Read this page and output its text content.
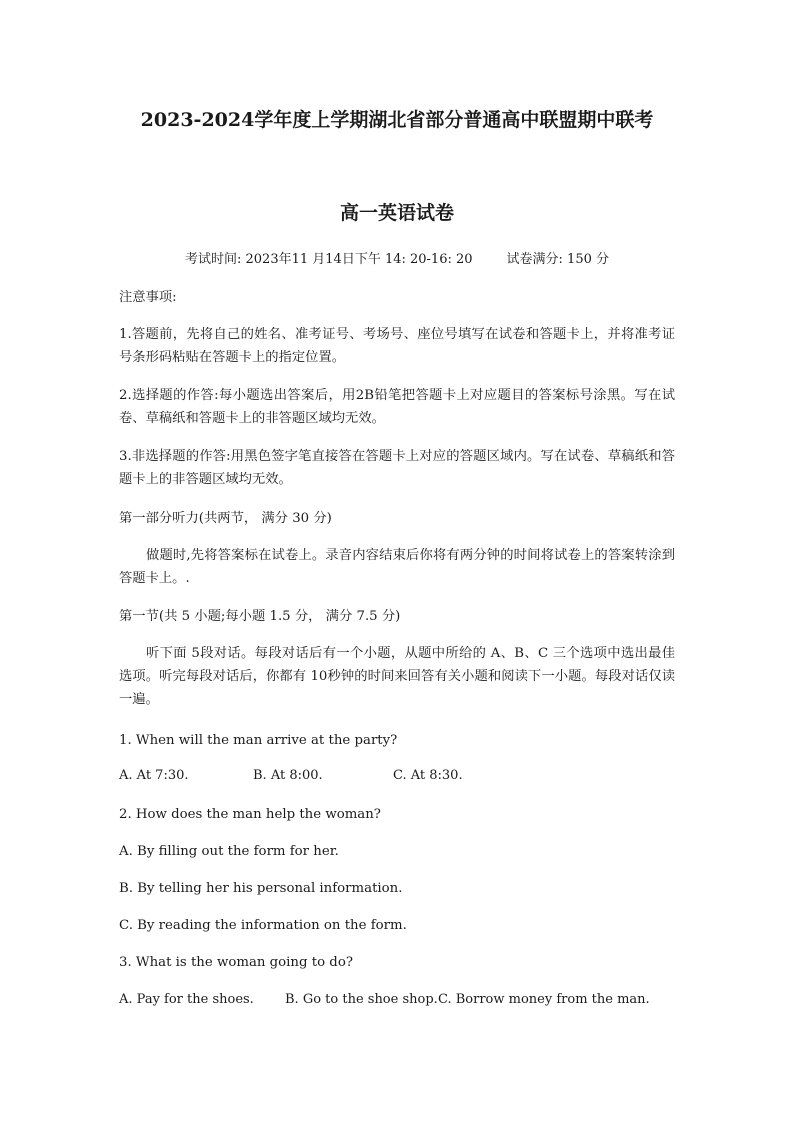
2023-2024学年度上学期湖北省部分普通高中联盟期中联考
高一英语试卷
考试时间: 2023年11 月14日下午 14: 20-16: 20	试卷满分: 150 分
注意事项:
1.答题前，先将自己的姓名、准考证号、考场号、座位号填写在试卷和答题卡上，并将准考证号条形码粘贴在答题卡上的指定位置。
2.选择题的作答:每小题选出答案后，用2B铅笔把答题卡上对应题目的答案标号涂黑。写在试卷、草稿纸和答题卡上的非答题区域均无效。
3.非选择题的作答:用黑色签字笔直接答在答题卡上对应的答题区域内。写在试卷、草稿纸和答题卡上的非答题区域均无效。
第一部分听力(共两节， 满分 30 分)
做题时,先将答案标在试卷上。录音内容结束后你将有两分钟的时间将试卷上的答案转涂到答题卡上。.
第一节(共 5 小题;每小题 1.5 分， 满分 7.5 分)
听下面 5段对话。每段对话后有一个小题，从题中所给的 A、B、C 三个选项中选出最佳选项。听完每段对话后，你都有 10秒钟的时间来回答有关小题和阅读下一小题。每段对话仅读一遍。
1. When will the man arrive at the party?
A. At 7:30.	B. At 8:00.	C. At 8:30.
2. How does the man help the woman?
A. By filling out the form for her.
B. By telling her his personal information.
C. By reading the information on the form.
3. What is the woman going to do?
A. Pay for the shoes. B. Go to the shoe shop. C. Borrow money from the man.
